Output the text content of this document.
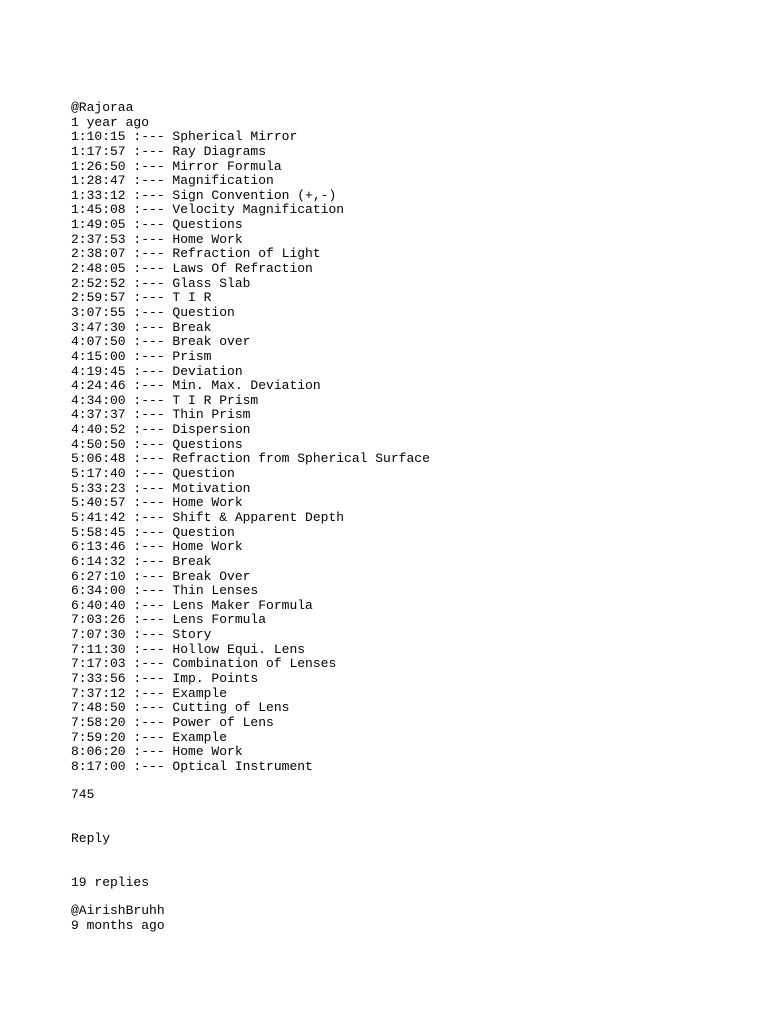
@Rajoraa
1 year ago
1:10:15 :--- Spherical Mirror
1:17:57 :--- Ray Diagrams
1:26:50 :--- Mirror Formula
1:28:47 :--- Magnification
1:33:12 :--- Sign Convention (+,-)
1:45:08 :--- Velocity Magnification
1:49:05 :--- Questions
2:37:53 :--- Home Work
2:38:07 :--- Refraction of Light
2:48:05 :--- Laws Of Refraction
2:52:52 :--- Glass Slab
2:59:57 :--- T I R
3:07:55 :--- Question
3:47:30 :--- Break
4:07:50 :--- Break over
4:15:00 :--- Prism
4:19:45 :--- Deviation
4:24:46 :--- Min. Max. Deviation
4:34:00 :--- T I R Prism
4:37:37 :--- Thin Prism
4:40:52 :--- Dispersion
4:50:50 :--- Questions
5:06:48 :--- Refraction from Spherical Surface
5:17:40 :--- Question
5:33:23 :--- Motivation
5:40:57 :--- Home Work
5:41:42 :--- Shift & Apparent Depth
5:58:45 :--- Question
6:13:46 :--- Home Work
6:14:32 :--- Break
6:27:10 :--- Break Over
6:34:00 :--- Thin Lenses
6:40:40 :--- Lens Maker Formula
7:03:26 :--- Lens Formula
7:07:30 :--- Story
7:11:30 :--- Hollow Equi. Lens
7:17:03 :--- Combination of Lenses
7:33:56 :--- Imp. Points
7:37:12 :--- Example
7:48:50 :--- Cutting of Lens
7:58:20 :--- Power of Lens
7:59:20 :--- Example
8:06:20 :--- Home Work
8:17:00 :--- Optical Instrument
745
Reply
19 replies
@AirishBruhh
9 months ago
